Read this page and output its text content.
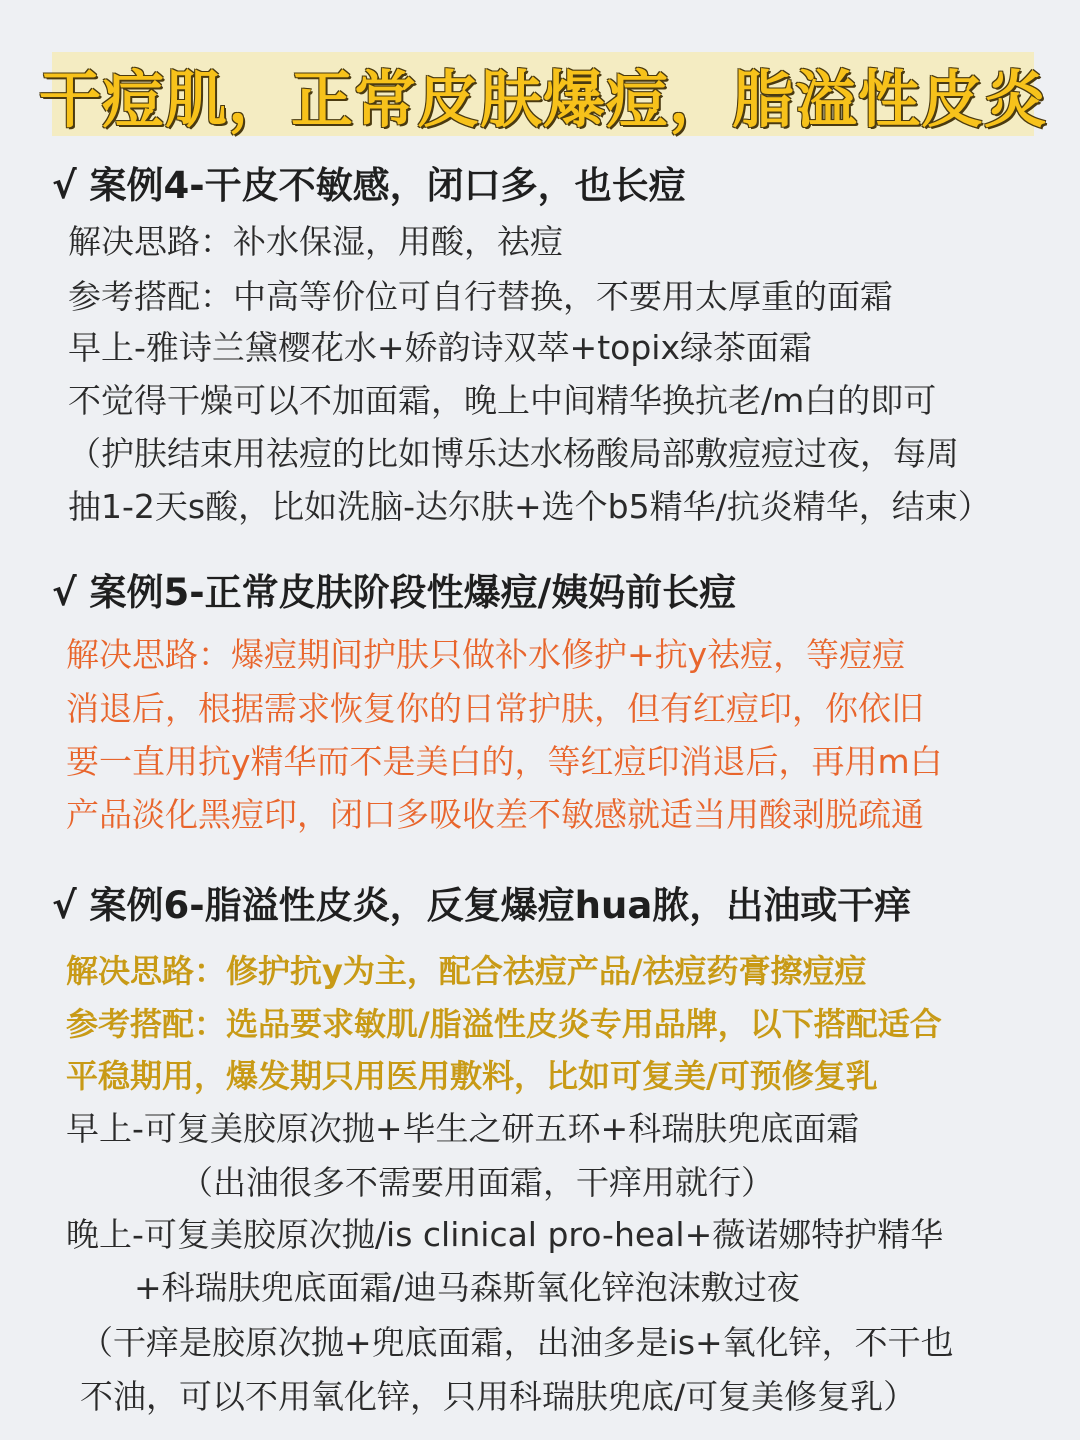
干痘肌，正常皮肤爆痘，脂溢性皮炎
√ 案例4-干皮不敏感，闭口多，也长痘
解决思路：补水保湿，用酸，祛痘
参考搭配：中高等价位可自行替换，不要用太厚重的面霜
早上-雅诗兰黛樱花水+娇韵诗双萃+topix绿茶面霜
不觉得干燥可以不加面霜，晚上中间精华换抗老/m白的即可
（护肤结束用祛痘的比如博乐达水杨酸局部敷痘痘过夜，每周
抽1-2天s酸，比如洗脑-达尔肤+选个b5精华/抗炎精华，结束）
√ 案例5-正常皮肤阶段性爆痘/姨妈前长痘
解决思路：爆痘期间护肤只做补水修护+抗y祛痘，等痘痘
消退后，根据需求恢复你的日常护肤，但有红痘印，你依旧
要一直用抗y精华而不是美白的，等红痘印消退后，再用m白
产品淡化黑痘印，闭口多吸收差不敏感就适当用酸剥脱疏通
√ 案例6-脂溢性皮炎，反复爆痘hua脓，出油或干痒
解决思路：修护抗y为主，配合祛痘产品/祛痘药膏擦痘痘
参考搭配：选品要求敏肌/脂溢性皮炎专用品牌，以下搭配适合
平稳期用，爆发期只用医用敷料，比如可复美/可预修复乳
早上-可复美胶原次抛+毕生之研五环+科瑞肤兜底面霜
（出油很多不需要用面霜，干痒用就行）
晚上-可复美胶原次抛/is clinical pro-heal+薇诺娜特护精华
+科瑞肤兜底面霜/迪马森斯氧化锌泡沫敷过夜
（干痒是胶原次抛+兜底面霜，出油多是is+氧化锌，不干也
不油，可以不用氧化锌，只用科瑞肤兜底/可复美修复乳）
